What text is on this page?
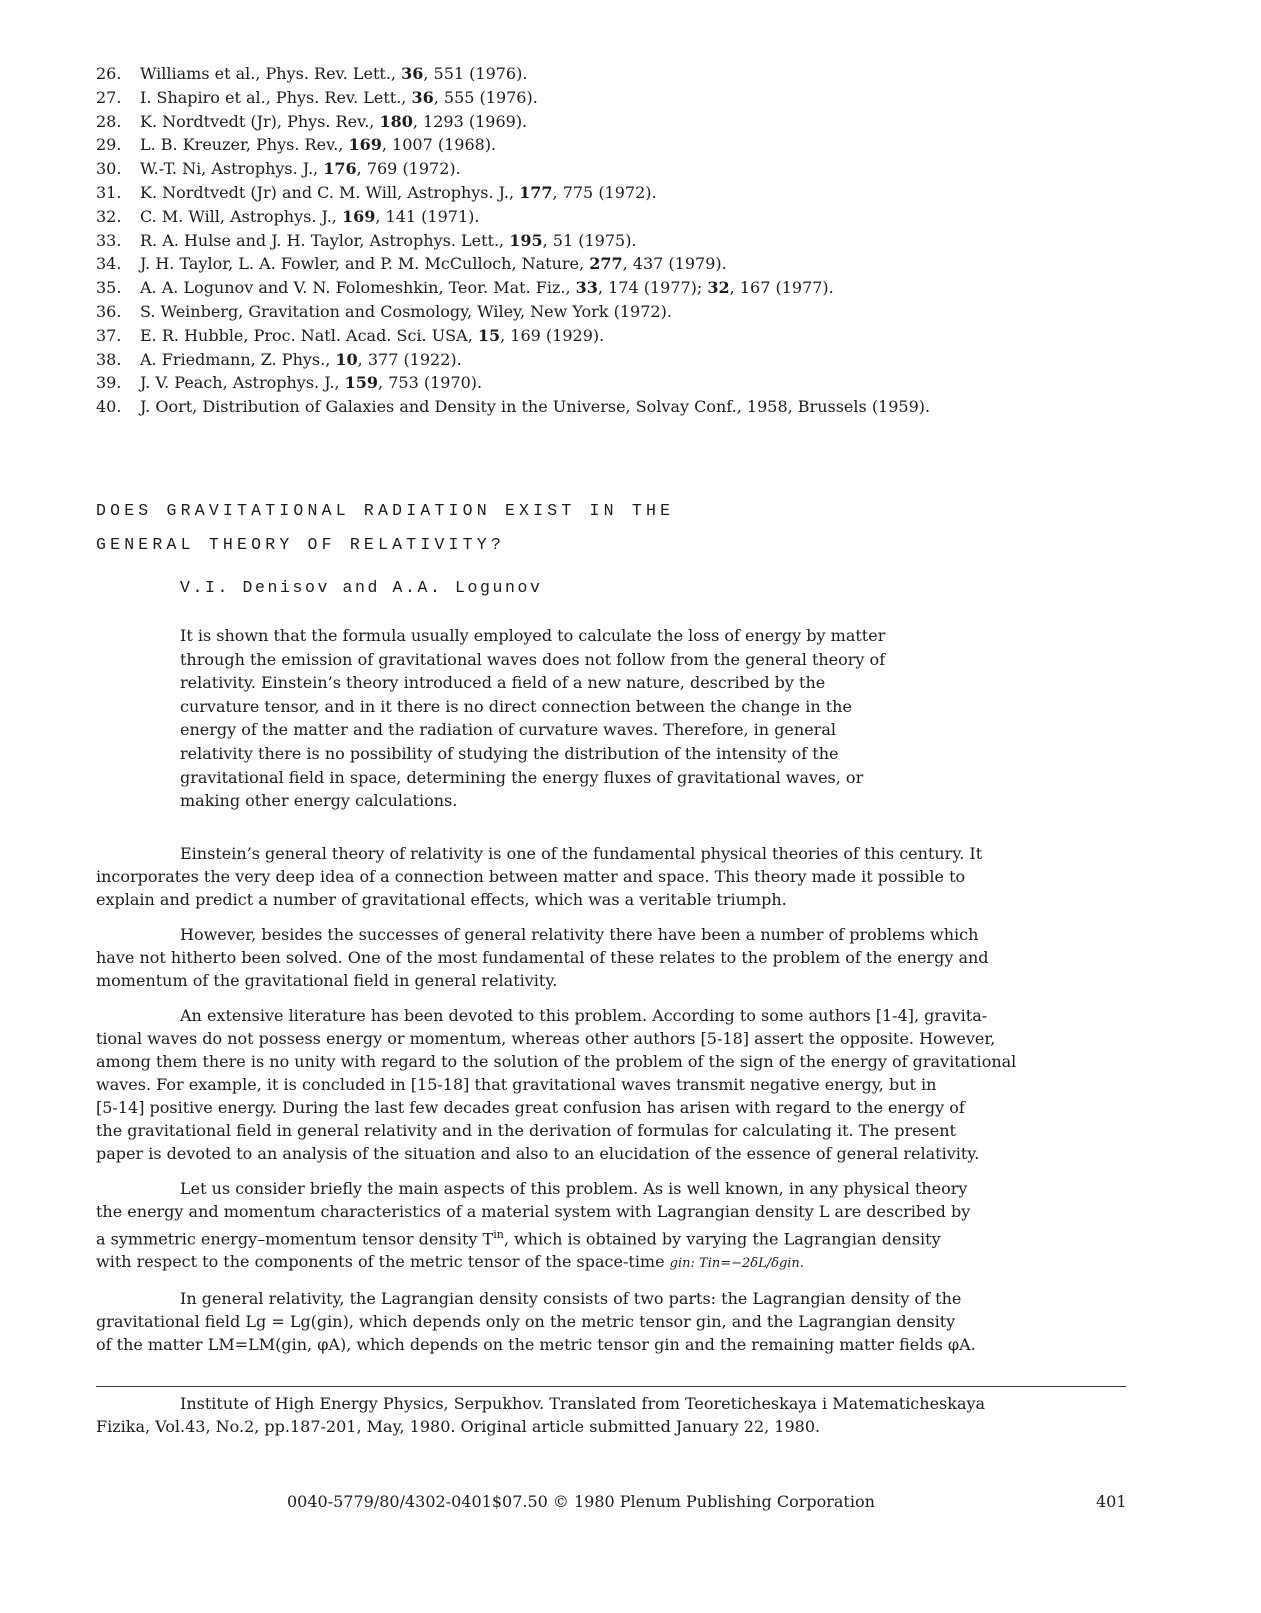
26.	Williams et al., Phys. Rev. Lett., 36, 551 (1976).
27.	I. Shapiro et al., Phys. Rev. Lett., 36, 555 (1976).
28.	K. Nordtvedt (Jr), Phys. Rev., 180, 1293 (1969).
29.	L. B. Kreuzer, Phys. Rev., 169, 1007 (1968).
30.	W.-T. Ni, Astrophys. J., 176, 769 (1972).
31.	K. Nordtvedt (Jr) and C. M. Will, Astrophys. J., 177, 775 (1972).
32.	C. M. Will, Astrophys. J., 169, 141 (1971).
33.	R. A. Hulse and J. H. Taylor, Astrophys. Lett., 195, 51 (1975).
34.	J. H. Taylor, L. A. Fowler, and P. M. McCulloch, Nature, 277, 437 (1979).
35.	A. A. Logunov and V. N. Folomeshkin, Teor. Mat. Fiz., 33, 174 (1977); 32, 167 (1977).
36.	S. Weinberg, Gravitation and Cosmology, Wiley, New York (1972).
37.	E. R. Hubble, Proc. Natl. Acad. Sci. USA, 15, 169 (1929).
38.	A. Friedmann, Z. Phys., 10, 377 (1922).
39.	J. V. Peach, Astrophys. J., 159, 753 (1970).
40.	J. Oort, Distribution of Galaxies and Density in the Universe, Solvay Conf., 1958, Brussels (1959).
DOES GRAVITATIONAL RADIATION EXIST IN THE
GENERAL THEORY OF RELATIVITY?
V.I. Denisov and A.A. Logunov
It is shown that the formula usually employed to calculate the loss of energy by matter
through the emission of gravitational waves does not follow from the general theory of
relativity. Einstein’s theory introduced a field of a new nature, described by the
curvature tensor, and in it there is no direct connection between the change in the
energy of the matter and the radiation of curvature waves. Therefore, in general
relativity there is no possibility of studying the distribution of the intensity of the
gravitational field in space, determining the energy fluxes of gravitational waves, or
making other energy calculations.
Einstein’s general theory of relativity is one of the fundamental physical theories of this century. It
incorporates the very deep idea of a connection between matter and space. This theory made it possible to
explain and predict a number of gravitational effects, which was a veritable triumph.
However, besides the successes of general relativity there have been a number of problems which
have not hitherto been solved. One of the most fundamental of these relates to the problem of the energy and
momentum of the gravitational field in general relativity.
An extensive literature has been devoted to this problem. According to some authors [1-4], gravita-
tional waves do not possess energy or momentum, whereas other authors [5-18] assert the opposite. However,
among them there is no unity with regard to the solution of the problem of the sign of the energy of gravitational
waves. For example, it is concluded in [15-18] that gravitational waves transmit negative energy, but in
[5-14] positive energy. During the last few decades great confusion has arisen with regard to the energy of
the gravitational field in general relativity and in the derivation of formulas for calculating it. The present
paper is devoted to an analysis of the situation and also to an elucidation of the essence of general relativity.
Let us consider briefly the main aspects of this problem. As is well known, in any physical theory
the energy and momentum characteristics of a material system with Lagrangian density L are described by
a symmetric energy–momentum tensor density $T^{in}$, which is obtained by varying the Lagrangian density
with respect to the components of the metric tensor of the space-time gin: Tin=−2δL/δgin.
In general relativity, the Lagrangian density consists of two parts: the Lagrangian density of the
gravitational field Lg = Lg(gin), which depends only on the metric tensor gin, and the Lagrangian density
of the matter LM=LM(gin, φA), which depends on the metric tensor gin and the remaining matter fields φA.
Institute of High Energy Physics, Serpukhov. Translated from Teoreticheskaya i Matematicheskaya
Fizika, Vol.43, No.2, pp.187-201, May, 1980. Original article submitted January 22, 1980.
0040-5779/80/4302-0401$07.50 © 1980 Plenum Publishing Corporation	401
